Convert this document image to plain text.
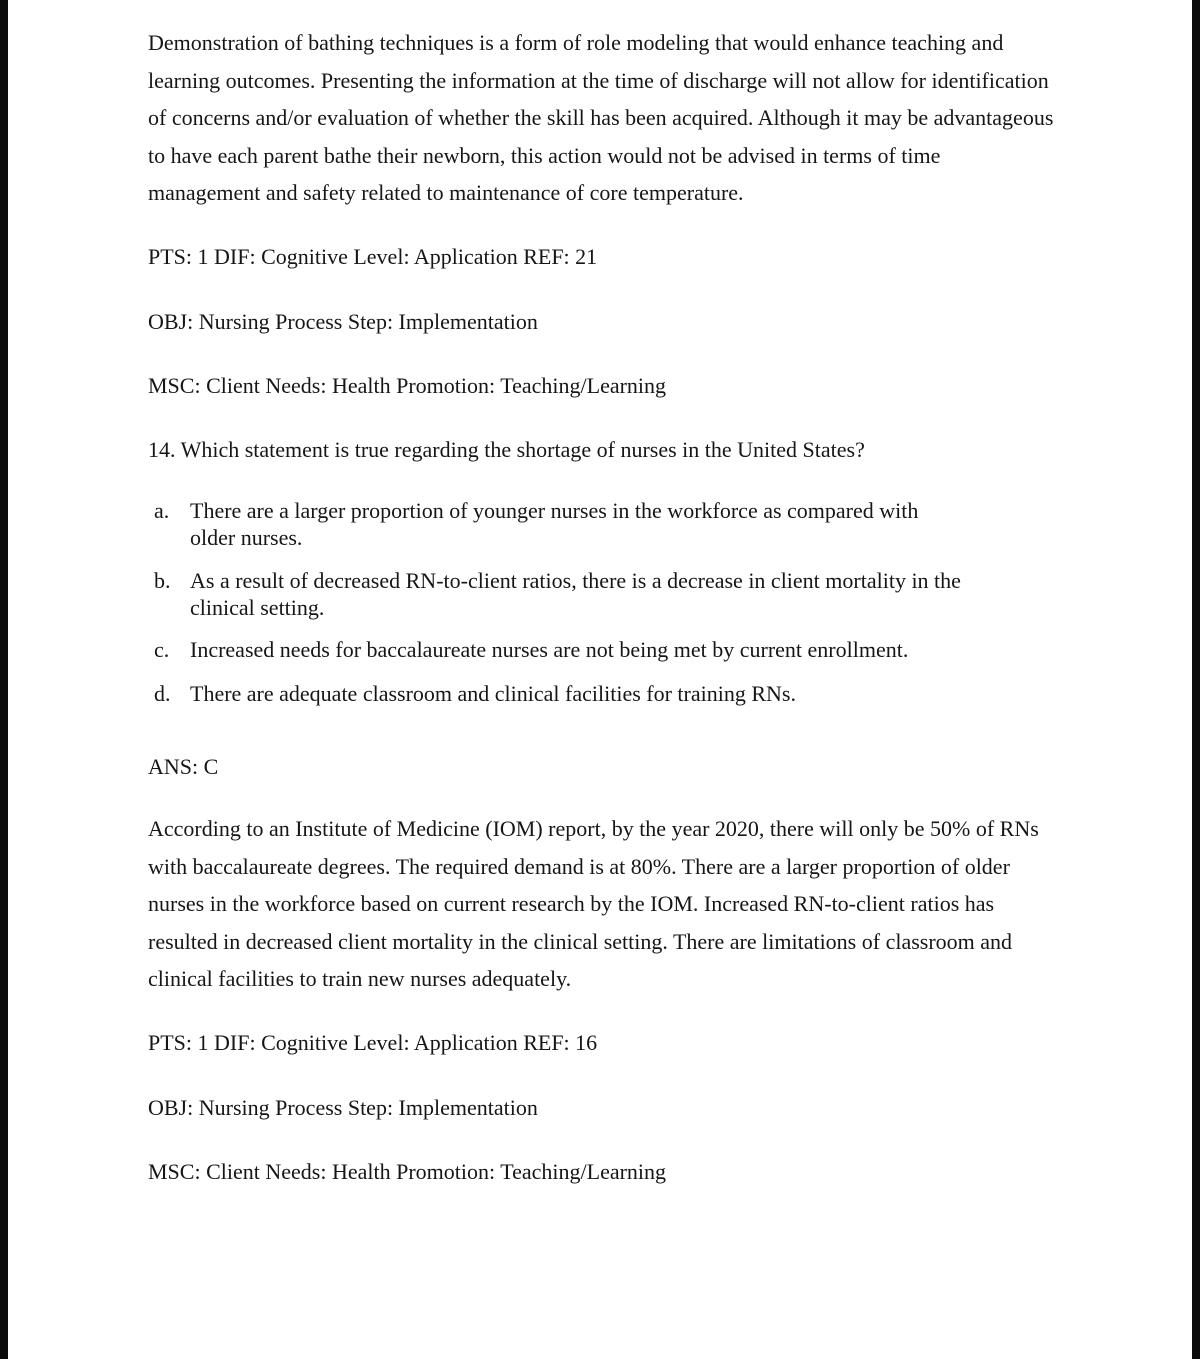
Demonstration of bathing techniques is a form of role modeling that would enhance teaching and learning outcomes. Presenting the information at the time of discharge will not allow for identification of concerns and/or evaluation of whether the skill has been acquired. Although it may be advantageous to have each parent bathe their newborn, this action would not be advised in terms of time management and safety related to maintenance of core temperature.

PTS: 1 DIF: Cognitive Level: Application REF: 21
OBJ: Nursing Process Step: Implementation
MSC: Client Needs: Health Promotion: Teaching/Learning
14. Which statement is true regarding the shortage of nurses in the United States?
a. There are a larger proportion of younger nurses in the workforce as compared with older nurses.
b. As a result of decreased RN-to-client ratios, there is a decrease in client mortality in the clinical setting.
c. Increased needs for baccalaureate nurses are not being met by current enrollment.
d. There are adequate classroom and clinical facilities for training RNs.
ANS: C

According to an Institute of Medicine (IOM) report, by the year 2020, there will only be 50% of RNs with baccalaureate degrees. The required demand is at 80%. There are a larger proportion of older nurses in the workforce based on current research by the IOM. Increased RN-to-client ratios has resulted in decreased client mortality in the clinical setting. There are limitations of classroom and clinical facilities to train new nurses adequately.

PTS: 1 DIF: Cognitive Level: Application REF: 16
OBJ: Nursing Process Step: Implementation
MSC: Client Needs: Health Promotion: Teaching/Learning
